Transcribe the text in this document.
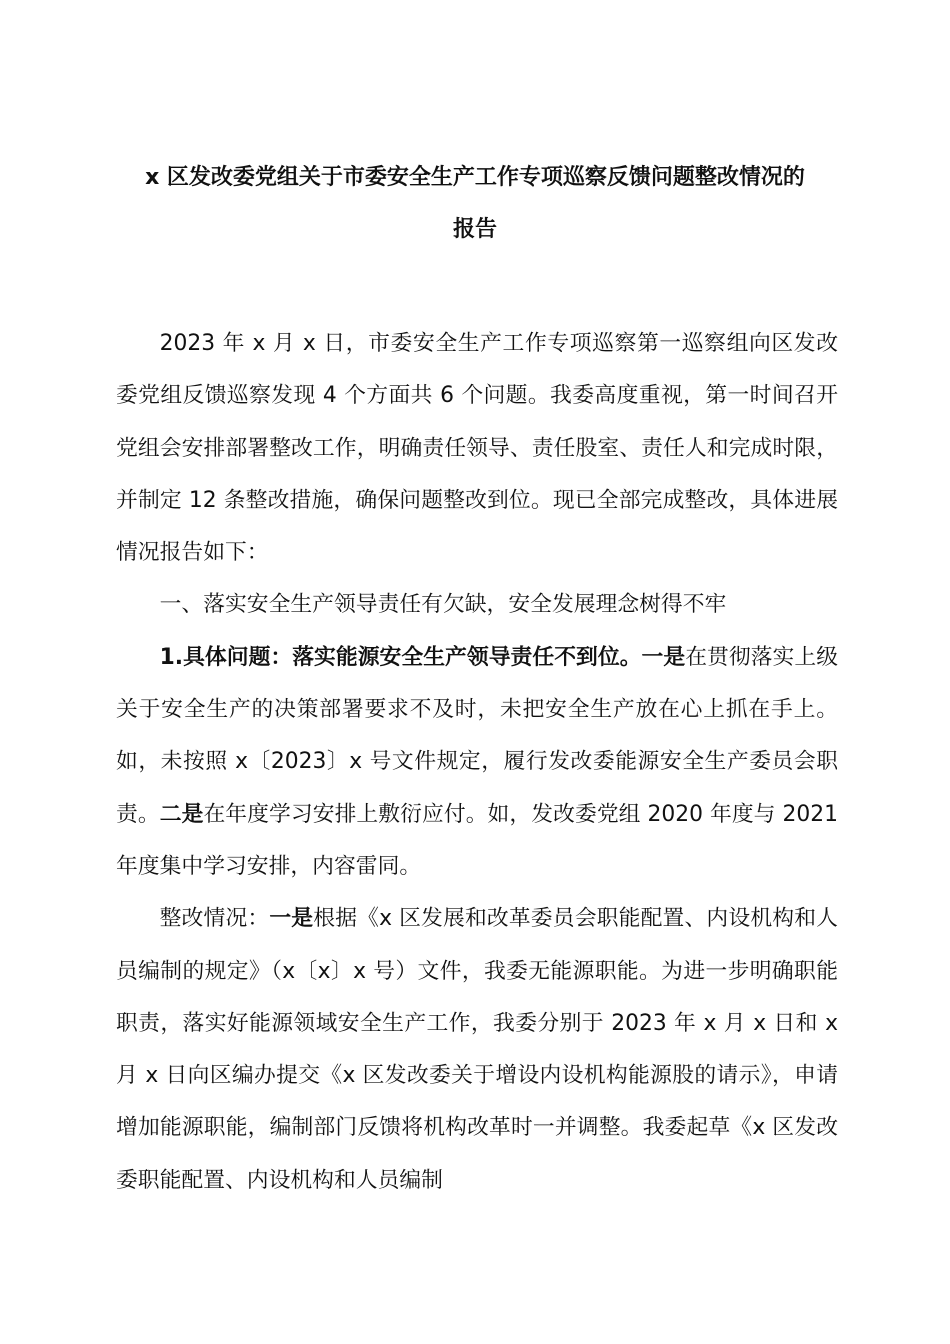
x 区发改委党组关于市委安全生产工作专项巡察反馈问题整改情况的
报告

2023 年 x 月 x 日，市委安全生产工作专项巡察第一巡察组向区发改委党组反馈巡察发现 4 个方面共 6 个问题。我委高度重视，第一时间召开党组会安排部署整改工作，明确责任领导、责任股室、责任人和完成时限，并制定 12 条整改措施，确保问题整改到位。现已全部完成整改，具体进展情况报告如下：

一、落实安全生产领导责任有欠缺，安全发展理念树得不牢

1.具体问题：落实能源安全生产领导责任不到位。一是在贯彻落实上级关于安全生产的决策部署要求不及时，未把安全生产放在心上抓在手上。如，未按照 x〔2023〕x 号文件规定，履行发改委能源安全生产委员会职责。二是在年度学习安排上敷衍应付。如，发改委党组 2020 年度与 2021 年度集中学习安排，内容雷同。

整改情况：一是根据《x 区发展和改革委员会职能配置、内设机构和人员编制的规定》（x〔x〕x 号）文件，我委无能源职能。为进一步明确职能职责，落实好能源领域安全生产工作，我委分别于 2023 年 x 月 x 日和 x 月 x 日向区编办提交《x 区发改委关于增设内设机构能源股的请示》，申请增加能源职能，编制部门反馈将机构改革时一并调整。我委起草《x 区发改委职能配置、内设机构和人员编制
